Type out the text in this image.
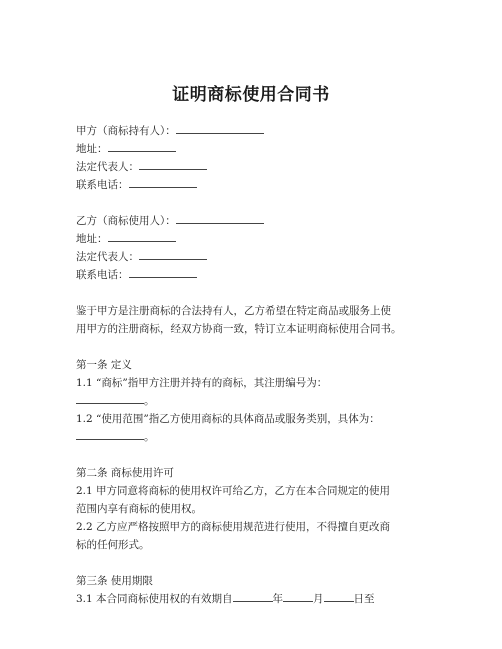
证明商标使用合同书
甲方（商标持有人）：
地址：
法定代表人：
联系电话：
乙方（商标使用人）：
地址：
法定代表人：
联系电话：
鉴于甲方是注册商标的合法持有人，乙方希望在特定商品或服务上使
用甲方的注册商标，经双方协商一致，特订立本证明商标使用合同书。
第一条 定义
1.1 “商标”指甲方注册并持有的商标，其注册编号为：
。
1.2 “使用范围”指乙方使用商标的具体商品或服务类别，具体为：
。
第二条 商标使用许可
2.1 甲方同意将商标的使用权许可给乙方，乙方在本合同规定的使用
范围内享有商标的使用权。
2.2 乙方应严格按照甲方的商标使用规范进行使用，不得擅自更改商
标的任何形式。
第三条 使用期限
3.1 本合同商标使用权的有效期自	年	月	日至
